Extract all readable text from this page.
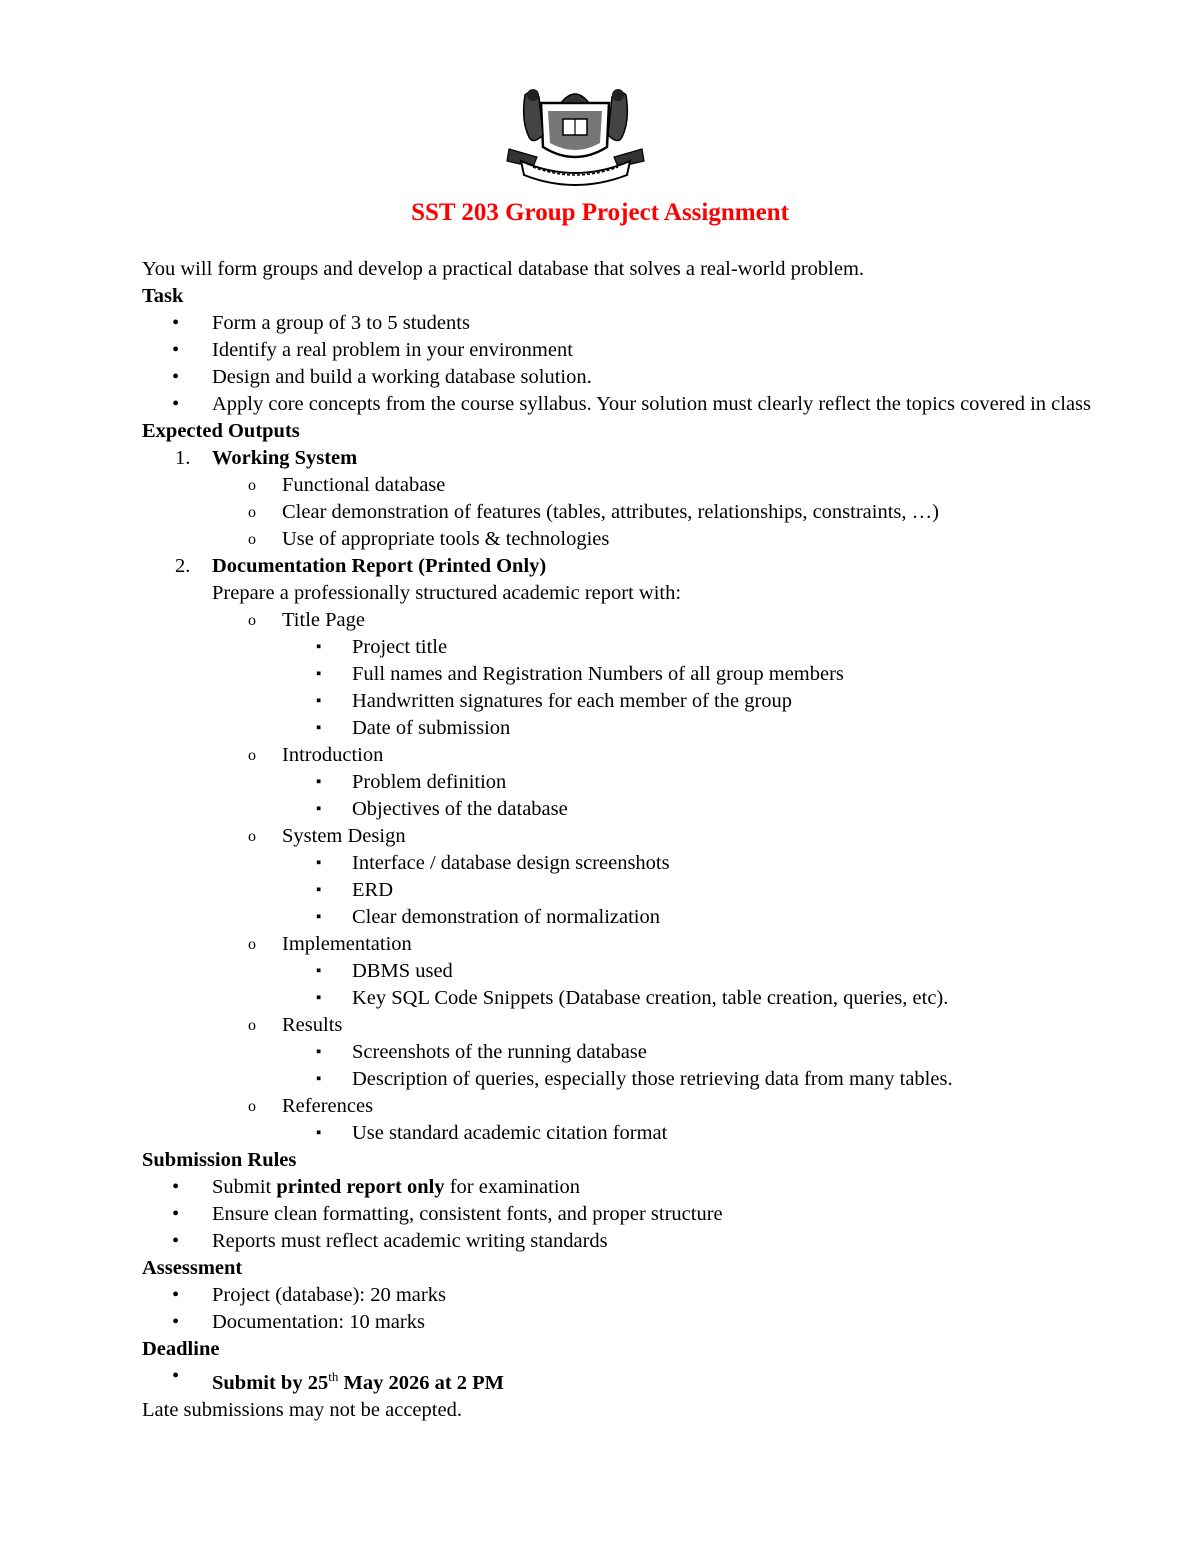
SST 203 Group Project Assignment

You will form groups and develop a practical database that solves a real-world problem.

Task

• Form a group of 3 to 5 students
• Identify a real problem in your environment
• Design and build a working database solution.
• Apply core concepts from the course syllabus. Your solution must clearly reflect the topics covered in class

Expected Outputs

1. Working System
o Functional database
o Clear demonstration of features (tables, attributes, relationships, constraints, …)
o Use of appropriate tools & technologies
2. Documentation Report (Printed Only)
Prepare a professionally structured academic report with:
o Title Page
▪ Project title
▪ Full names and Registration Numbers of all group members
▪ Handwritten signatures for each member of the group
▪ Date of submission
o Introduction
▪ Problem definition
▪ Objectives of the database
o System Design
▪ Interface / database design screenshots
▪ ERD
▪ Clear demonstration of normalization
o Implementation
▪ DBMS used
▪ Key SQL Code Snippets (Database creation, table creation, queries, etc).
o Results
▪ Screenshots of the running database
▪ Description of queries, especially those retrieving data from many tables.
o References
▪ Use standard academic citation format

Submission Rules

• Submit printed report only for examination
• Ensure clean formatting, consistent fonts, and proper structure
• Reports must reflect academic writing standards

Assessment

• Project (database): 20 marks
• Documentation: 10 marks

Deadline

• Submit by 25th May 2026 at 2 PM

Late submissions may not be accepted.
